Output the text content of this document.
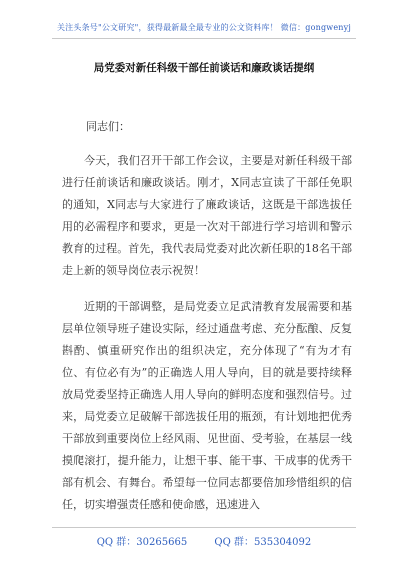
关注头条号"公文研究"，获得最新最全最专业的公文资料库！ 微信：gongwenyj
局党委对新任科级干部任前谈话和廉政谈话提纲
同志们：

今天，我们召开干部工作会议，主要是对新任科级干部进行任前谈话和廉政谈话。刚才，X同志宣读了干部任免职的通知，X同志与大家进行了廉政谈话，这既是干部选拔任用的必需程序和要求，更是一次对干部进行学习培训和警示教育的过程。首先，我代表局党委对此次新任职的18名干部走上新的领导岗位表示祝贺！

近期的干部调整，是局党委立足武清教育发展需要和基层单位领导班子建设实际，经过通盘考虑、充分酝酿、反复斟酌、慎重研究作出的组织决定，充分体现了“有为才有位、有位必有为”的正确选人用人导向，目的就是要持续释放局党委坚持正确选人用人导向的鲜明态度和强烈信号。过来，局党委立足破解干部选拔任用的瓶颈，有计划地把优秀干部放到重要岗位上经风雨、见世面、受考验，在基层一线摸爬滚打，提升能力，让想干事、能干事、干成事的优秀干部有机会、有舞台。希望每一位同志都要倍加珍惜组织的信任，切实增强责任感和使命感，迅速进入

QQ 群：30265665	QQ 群：535304092
